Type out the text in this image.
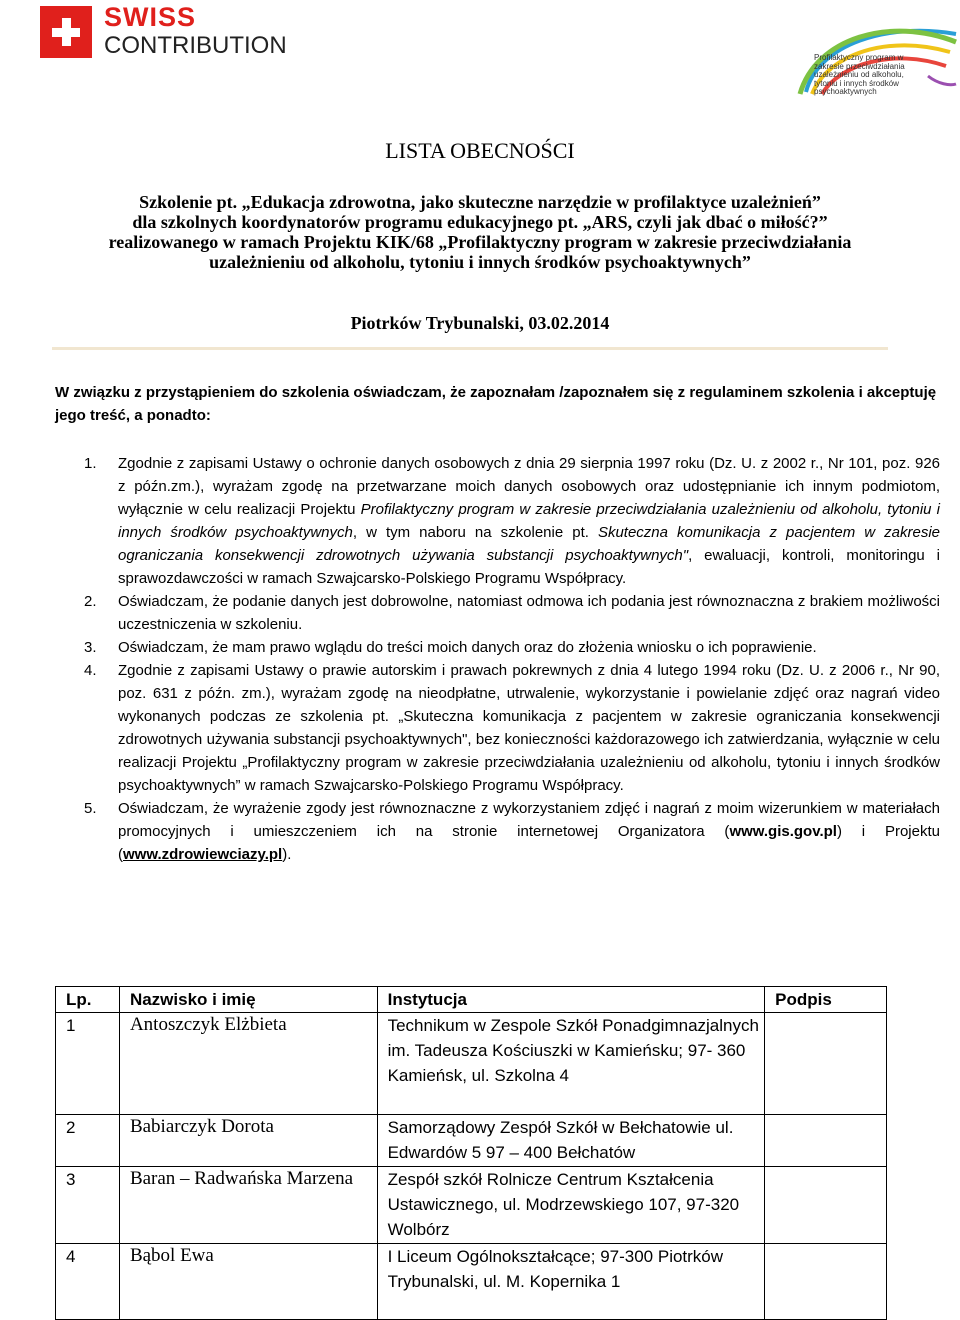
SWISS
CONTRIBUTION	Profilaktyczny program w zakresie przeciwdziałania uzależnieniu od alkoholu, tytoniu i innych środków psychoaktywnych
LISTA OBECNOŚCI
Szkolenie pt. „Edukacja zdrowotna, jako skuteczne narzędzie w profilaktyce uzależnień”
dla szkolnych koordynatorów programu edukacyjnego pt. „ARS, czyli jak dbać o miłość?”
realizowanego w ramach Projektu KIK/68 „Profilaktyczny program w zakresie przeciwdziałania
uzależnieniu od alkoholu, tytoniu i innych środków psychoaktywnych”
Piotrków Trybunalski, 03.02.2014
W związku z przystąpieniem do szkolenia oświadczam, że zapoznałam /zapoznałem się z regulaminem szkolenia i akceptuję jego treść, a ponadto:
1. Zgodnie z zapisami Ustawy o ochronie danych osobowych z dnia 29 sierpnia 1997 roku (Dz. U. z 2002 r., Nr 101, poz. 926 z późn.zm.), wyrażam zgodę na przetwarzane moich danych osobowych oraz udostępnianie ich innym podmiotom, wyłącznie w celu realizacji Projektu Profilaktyczny program w zakresie przeciwdziałania uzależnieniu od alkoholu, tytoniu i innych środków psychoaktywnych, w tym naboru na szkolenie pt. Skuteczna komunikacja z pacjentem w zakresie ograniczania konsekwencji zdrowotnych używania substancji psychoaktywnych", ewaluacji, kontroli, monitoringu i sprawozdawczości w ramach Szwajcarsko-Polskiego Programu Współpracy.
2. Oświadczam, że podanie danych jest dobrowolne, natomiast odmowa ich podania jest równoznaczna z brakiem możliwości uczestniczenia w szkoleniu.
3. Oświadczam, że mam prawo wglądu do treści moich danych oraz do złożenia wniosku o ich poprawienie.
4. Zgodnie z zapisami Ustawy o prawie autorskim i prawach pokrewnych z dnia 4 lutego 1994 roku (Dz. U. z 2006 r., Nr 90, poz. 631 z późn. zm.), wyrażam zgodę na nieodpłatne, utrwalenie, wykorzystanie i powielanie zdjęć oraz nagrań video wykonanych podczas ze szkolenia pt. „Skuteczna komunikacja z pacjentem w zakresie ograniczania konsekwencji zdrowotnych używania substancji psychoaktywnych", bez konieczności każdorazowego ich zatwierdzania, wyłącznie w celu realizacji Projektu „Profilaktyczny program w zakresie przeciwdziałania uzależnieniu od alkoholu, tytoniu i innych środków psychoaktywnych” w ramach Szwajcarsko-Polskiego Programu Współpracy.
5. Oświadczam, że wyrażenie zgody jest równoznaczne z wykorzystaniem zdjęć i nagrań z moim wizerunkiem w materiałach promocyjnych i umieszczeniem ich na stronie internetowej Organizatora (www.gis.gov.pl) i Projektu (www.zdrowiewciazy.pl).
Lp.	Nazwisko i imię	Instytucja	Podpis
1	Antoszczyk Elżbieta	Technikum w Zespole Szkół Ponadgimnazjalnych im. Tadeusza Kościuszki w Kamieńsku; 97- 360 Kamieńsk, ul. Szkolna 4	
2	Babiarczyk Dorota	Samorządowy Zespół Szkół w Bełchatowie ul. Edwardów 5 97 – 400 Bełchatów	
3	Baran – Radwańska Marzena	Zespół szkół Rolnicze Centrum Kształcenia Ustawicznego, ul. Modrzewskiego 107, 97-320 Wolbórz	
4	Bąbol Ewa	I Liceum Ogólnokształcące; 97-300 Piotrków Trybunalski, ul. M. Kopernika 1	
